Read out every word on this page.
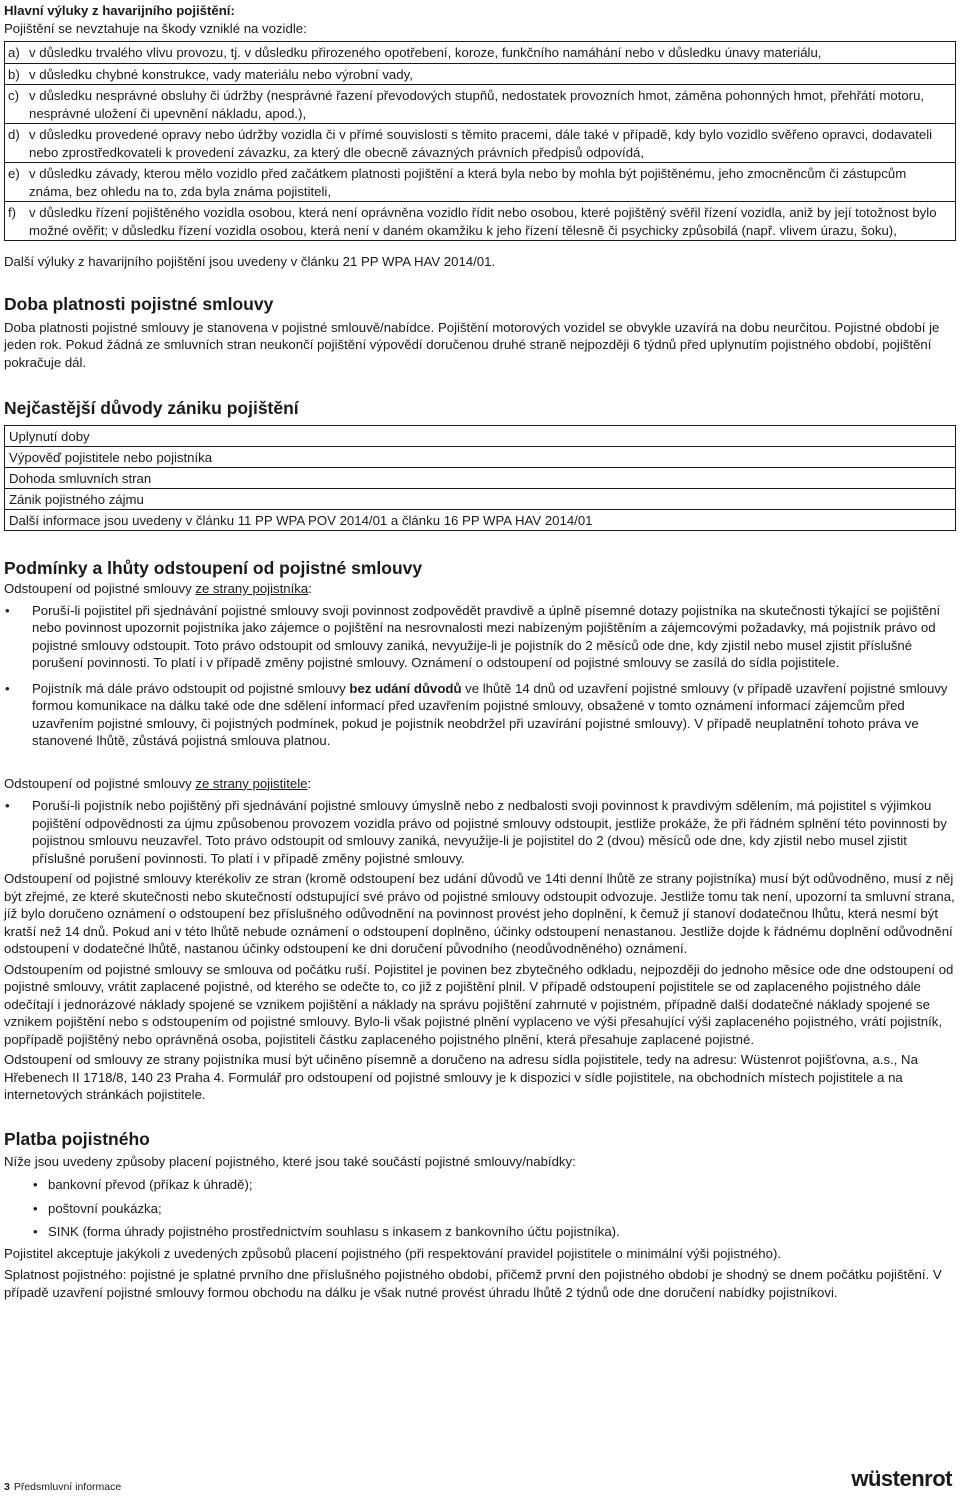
Hlavní výluky z havarijního pojištění:

Pojištění se nevztahuje na škody vzniklé na vozidle:

a) v důsledku trvalého vlivu provozu, tj. v důsledku přirozeného opotřebení, koroze, funkčního namáhání nebo v důsledku únavy materiálu,
b) v důsledku chybné konstrukce, vady materiálu nebo výrobní vady,
c) v důsledku nesprávné obsluhy či údržby (nesprávné řazení převodových stupňů, nedostatek provozních hmot, záměna pohonných hmot, přehřátí motoru, nesprávné uložení či upevnění nákladu, apod.),
d) v důsledku provedené opravy nebo údržby vozidla či v přímé souvislosti s těmito pracemi, dále také v případě, kdy bylo vozidlo svěřeno opravci, dodavateli nebo zprostředkovateli k provedení závazku, za který dle obecně závazných právních předpisů odpovídá,
e) v důsledku závady, kterou mělo vozidlo před začátkem platnosti pojištění a která byla nebo by mohla být pojištěnému, jeho zmocněncům či zástupcům známa, bez ohledu na to, zda byla známa pojistiteli,
f) v důsledku řízení pojištěného vozidla osobou, která není oprávněna vozidlo řídit nebo osobou, které pojištěný svěřil řízení vozidla, aniž by její totožnost bylo možné ověřit; v důsledku řízení vozidla osobou, která není v daném okamžiku k jeho řízení tělesně či psychicky způsobilá (např. vlivem úrazu, šoku),

Další výluky z havarijního pojištění jsou uvedeny v článku 21 PP WPA HAV 2014/01.

Doba platnosti pojistné smlouvy

Doba platnosti pojistné smlouvy je stanovena v pojistné smlouvě/nabídce. Pojištění motorových vozidel se obvykle uzavírá na dobu neurčitou. Pojistné období je jeden rok. Pokud žádná ze smluvních stran neukončí pojištění výpovědí doručenou druhé straně nejpozději 6 týdnů před uplynutím pojistného období, pojištění pokračuje dál.

Nejčastější důvody zániku pojištění
Uplynutí doby
Výpověď pojistitele nebo pojistníka
Dohoda smluvních stran
Zánik pojistného zájmu
Další informace jsou uvedeny v článku 11 PP WPA POV 2014/01 a článku 16 PP WPA HAV 2014/01
Podmínky a lhůty odstoupení od pojistné smlouvy

Odstoupení od pojistné smlouvy ze strany pojistníka:

• Poruší-li pojistitel při sjednávání pojistné smlouvy svoji povinnost zodpovědět pravdivě a úplně písemné dotazy pojistníka na skutečnosti týkající se pojištění nebo povinnost upozornit pojistníka jako zájemce o pojištění na nesrovnalosti mezi nabízeným pojištěním a zájemcovými požadavky, má pojistník právo od pojistné smlouvy odstoupit. Toto právo odstoupit od smlouvy zaniká, nevyužije-li je pojistník do 2 měsíců ode dne, kdy zjistil nebo musel zjistit příslušné porušení povinnosti. To platí i v případě změny pojistné smlouvy. Oznámení o odstoupení od pojistné smlouvy se zasílá do sídla pojistitele.
• Pojistník má dále právo odstoupit od pojistné smlouvy bez udání důvodů ve lhůtě 14 dnů od uzavření pojistné smlouvy (v případě uzavření pojistné smlouvy formou komunikace na dálku také ode dne sdělení informací před uzavřením pojistné smlouvy, obsažené v tomto oznámení informací zájemcům před uzavřením pojistné smlouvy, či pojistných podmínek, pokud je pojistník neobdržel při uzavírání pojistné smlouvy). V případě neuplatnění tohoto práva ve stanovené lhůtě, zůstává pojistná smlouva platnou.

Odstoupení od pojistné smlouvy ze strany pojistitele:

• Poruší-li pojistník nebo pojištěný při sjednávání pojistné smlouvy úmyslně nebo z nedbalosti svoji povinnost k pravdivým sdělením, má pojistitel s výjimkou pojištění odpovědnosti za újmu způsobenou provozem vozidla právo od pojistné smlouvy odstoupit, jestliže prokáže, že při řádném splnění této povinnosti by pojistnou smlouvu neuzavřel. Toto právo odstoupit od smlouvy zaniká, nevyužije-li je pojistitel do 2 (dvou) měsíců ode dne, kdy zjistil nebo musel zjistit příslušné porušení povinnosti. To platí i v případě změny pojistné smlouvy.

Odstoupení od pojistné smlouvy kterékoliv ze stran (kromě odstoupení bez udání důvodů ve 14ti denní lhůtě ze strany pojistníka) musí být odůvodněno, musí z něj být zřejmé, ze které skutečnosti nebo skutečností odstupující své právo od pojistné smlouvy odstoupit odvozuje. Jestliže tomu tak není, upozorní ta smluvní strana, jíž bylo doručeno oznámení o odstoupení bez příslušného odůvodnění na povinnost provést jeho doplnění, k čemuž jí stanoví dodatečnou lhůtu, která nesmí být kratší než 14 dnů. Pokud ani v této lhůtě nebude oznámení o odstoupení doplněno, účinky odstoupení nenastanou. Jestliže dojde k řádnému doplnění odůvodnění odstoupení v dodatečné lhůtě, nastanou účinky odstoupení ke dni doručení původního (neodůvodněného) oznámení.

Odstoupením od pojistné smlouvy se smlouva od počátku ruší. Pojistitel je povinen bez zbytečného odkladu, nejpozději do jednoho měsíce ode dne odstoupení od pojistné smlouvy, vrátit zaplacené pojistné, od kterého se odečte to, co již z pojištění plnil. V případě odstoupení pojistitele se od zaplaceného pojistného dále odečítají i jednorázové náklady spojené se vznikem pojištění a náklady na správu pojištění zahrnuté v pojistném, případně další dodatečné náklady spojené se vznikem pojištění nebo s odstoupením od pojistné smlouvy. Bylo-li však pojistné plnění vyplaceno ve výši přesahující výši zaplaceného pojistného, vrátí pojistník, popřípadě pojištěný nebo oprávněná osoba, pojistiteli částku zaplaceného pojistného plnění, která přesahuje zaplacené pojistné.

Odstoupení od smlouvy ze strany pojistníka musí být učiněno písemně a doručeno na adresu sídla pojistitele, tedy na adresu: Wüstenrot pojišťovna, a.s., Na Hřebenech II 1718/8, 140 23 Praha 4. Formulář pro odstoupení od pojistné smlouvy je k dispozici v sídle pojistitele, na obchodních místech pojistitele a na internetových stránkách pojistitele.

Platba pojistného

Níže jsou uvedeny způsoby placení pojistného, které jsou také součástí pojistné smlouvy/nabídky:

• bankovní převod (příkaz k úhradě);
• poštovní poukázka;
• SINK (forma úhrady pojistného prostřednictvím souhlasu s inkasem z bankovního účtu pojistníka).

Pojistitel akceptuje jakýkoli z uvedených způsobů placení pojistného (při respektování pravidel pojistitele o minimální výši pojistného).

Splatnost pojistného: pojistné je splatné prvního dne příslušného pojistného období, přičemž první den pojistného období je shodný se dnem počátku pojištění. V případě uzavření pojistné smlouvy formou obchodu na dálku je však nutné provést úhradu lhůtě 2 týdnů ode dne doručení nabídky pojistníkovi.

3 Předsmluvní informace	wüstenrot
